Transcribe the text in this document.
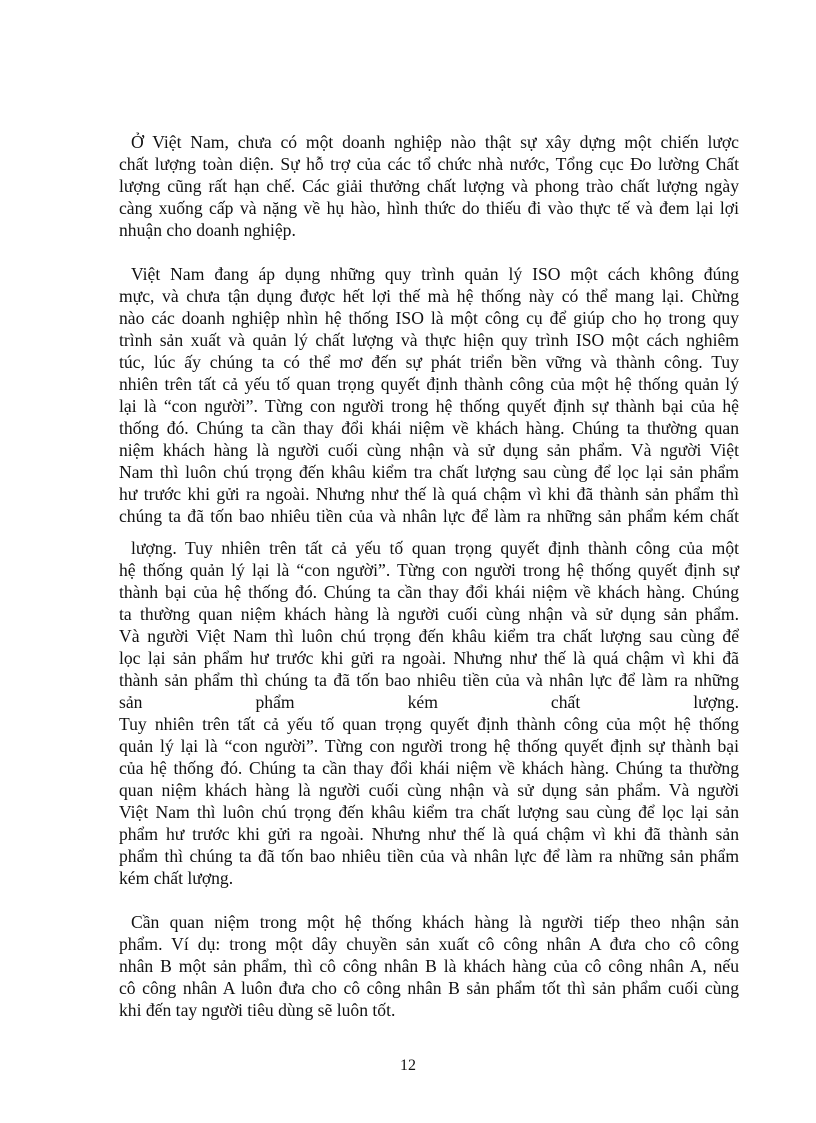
Ở Việt Nam, chưa có một doanh nghiệp nào thật sự xây dựng một chiến lược
chất lượng toàn diện. Sự hỗ trợ của các tổ chức nhà nước, Tổng cục Đo lường Chất
lượng cũng rất hạn chế. Các giải thưởng chất lượng và phong trào chất lượng ngày
càng xuống cấp và nặng về hụ hào, hình thức do thiếu đi vào thực tế và đem lại lợi
nhuận cho doanh nghiệp.
Việt Nam đang áp dụng những quy trình quản lý ISO một cách không đúng
mực, và chưa tận dụng được hết lợi thế mà hệ thống này có thể mang lại. Chừng
nào các doanh nghiệp nhìn hệ thống ISO là một công cụ để giúp cho họ trong quy
trình sản xuất và quản lý chất lượng và thực hiện quy trình ISO một cách nghiêm
túc, lúc ấy chúng ta có thể mơ đến sự phát triển bền vững và thành công. Tuy
nhiên trên tất cả yếu tố quan trọng quyết định thành công của một hệ thống quản lý
lại là “con người”. Từng con người trong hệ thống quyết định sự thành bại của hệ
thống đó. Chúng ta cần thay đổi khái niệm về khách hàng. Chúng ta thường quan
niệm khách hàng là người cuối cùng nhận và sử dụng sản phẩm. Và người Việt
Nam thì luôn chú trọng đến khâu kiểm tra chất lượng sau cùng để lọc lại sản phẩm
hư trước khi gửi ra ngoài. Nhưng như thế là quá chậm vì khi đã thành sản phẩm thì
chúng ta đã tốn bao nhiêu tiền của và nhân lực để làm ra những sản phẩm kém chất
lượng. Tuy nhiên trên tất cả yếu tố quan trọng quyết định thành công của một
hệ thống quản lý lại là “con người”. Từng con người trong hệ thống quyết định sự
thành bại của hệ thống đó. Chúng ta cần thay đổi khái niệm về khách hàng. Chúng
ta thường quan niệm khách hàng là người cuối cùng nhận và sử dụng sản phẩm.
Và người Việt Nam thì luôn chú trọng đến khâu kiểm tra chất lượng sau cùng để
lọc lại sản phẩm hư trước khi gửi ra ngoài. Nhưng như thế là quá chậm vì khi đã
thành sản phẩm thì chúng ta đã tốn bao nhiêu tiền của và nhân lực để làm ra những
sản phẩm kém chất lượng.
Tuy nhiên trên tất cả yếu tố quan trọng quyết định thành công của một hệ thống
quản lý lại là “con người”. Từng con người trong hệ thống quyết định sự thành bại
của hệ thống đó. Chúng ta cần thay đổi khái niệm về khách hàng. Chúng ta thường
quan niệm khách hàng là người cuối cùng nhận và sử dụng sản phẩm. Và người
Việt Nam thì luôn chú trọng đến khâu kiểm tra chất lượng sau cùng để lọc lại sản
phẩm hư trước khi gửi ra ngoài. Nhưng như thế là quá chậm vì khi đã thành sản
phẩm thì chúng ta đã tốn bao nhiêu tiền của và nhân lực để làm ra những sản phẩm
kém chất lượng.
Cần quan niệm trong một hệ thống khách hàng là người tiếp theo nhận sản
phẩm. Ví dụ: trong một dây chuyền sản xuất cô công nhân A đưa cho cô công
nhân B một sản phẩm, thì cô công nhân B là khách hàng của cô công nhân A, nếu
cô công nhân A luôn đưa cho cô công nhân B sản phẩm tốt thì sản phẩm cuối cùng
khi đến tay người tiêu dùng sẽ luôn tốt.
12
